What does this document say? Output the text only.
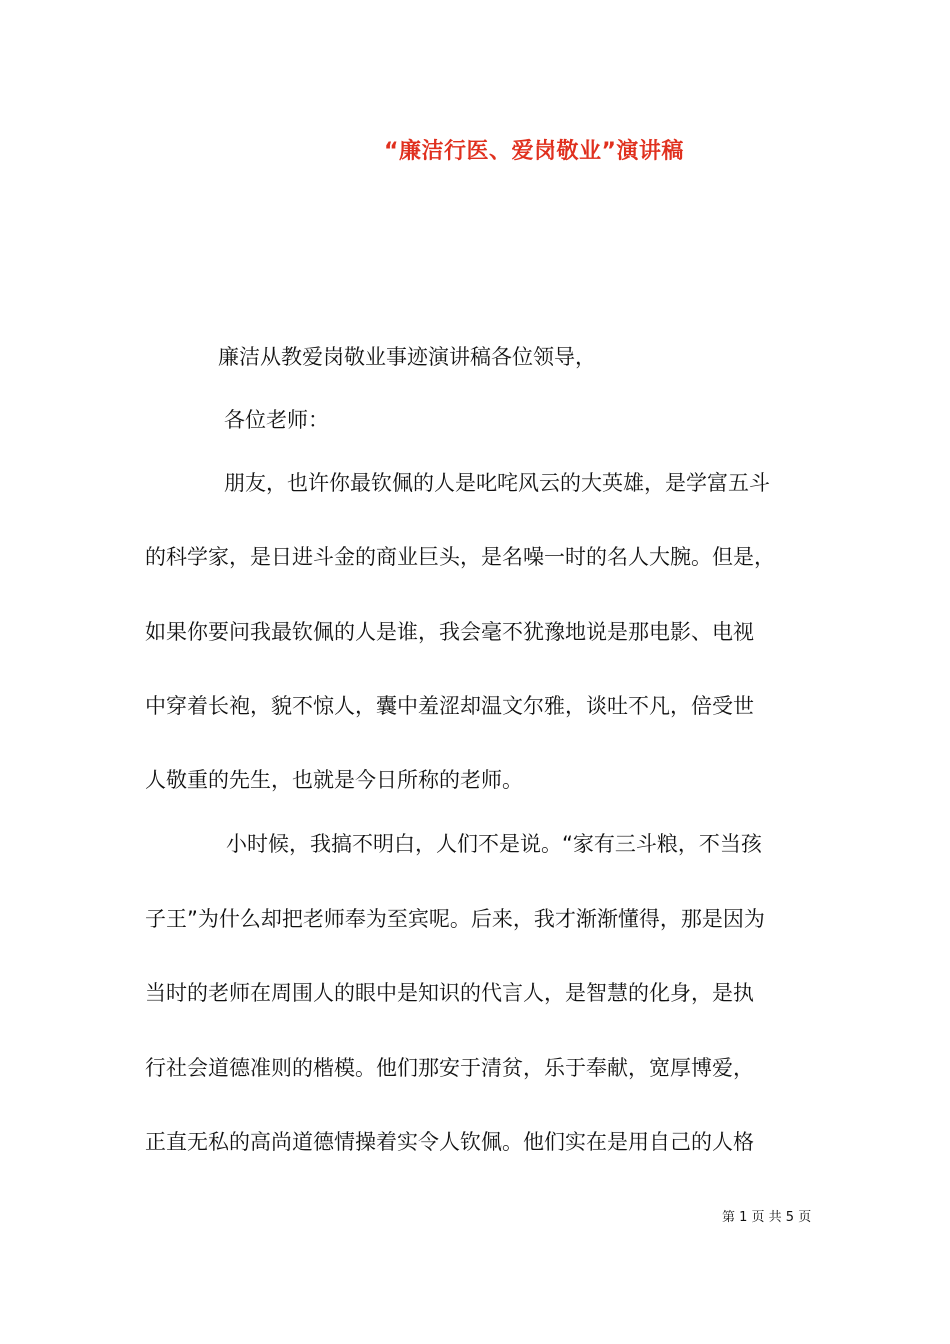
“廉洁行医、爱岗敬业”演讲稿
廉洁从教爱岗敬业事迹演讲稿各位领导，
各位老师：
朋友，也许你最钦佩的人是叱咤风云的大英雄，是学富五斗
的科学家，是日进斗金的商业巨头，是名噪一时的名人大腕。但是，
如果你要问我最钦佩的人是谁，我会毫不犹豫地说是那电影、电视
中穿着长袍，貌不惊人，囊中羞涩却温文尔雅，谈吐不凡，倍受世
人敬重的先生，也就是今日所称的老师。
小时候，我搞不明白，人们不是说。“家有三斗粮，不当孩
子王”为什么却把老师奉为至宾呢。后来，我才渐渐懂得，那是因为
当时的老师在周围人的眼中是知识的代言人，是智慧的化身，是执
行社会道德准则的楷模。他们那安于清贫，乐于奉献，宽厚博爱，
正直无私的高尚道德情操着实令人钦佩。他们实在是用自己的人格
第 1 页 共 5 页
